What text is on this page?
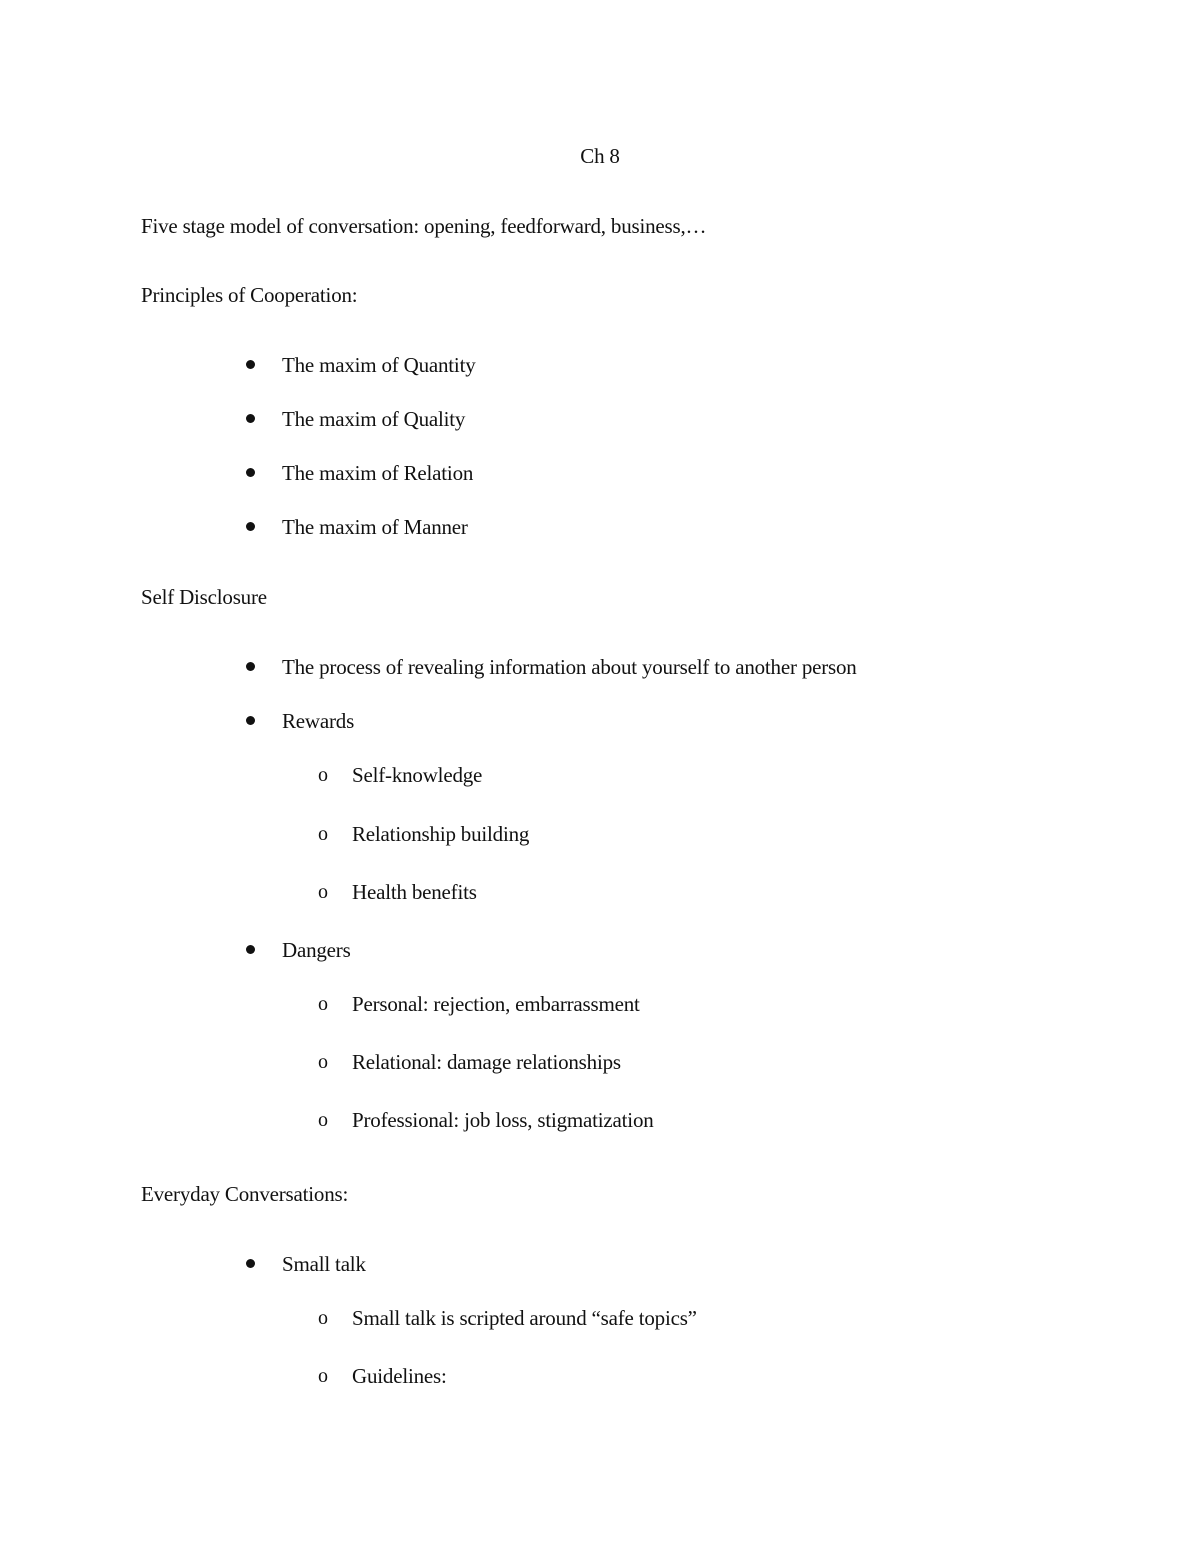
Ch 8
Five stage model of conversation: opening, feedforward, business,…
Principles of Cooperation:
The maxim of Quantity
The maxim of Quality
The maxim of Relation
The maxim of Manner
Self Disclosure
The process of revealing information about yourself to another person
Rewards
o Self-knowledge
o Relationship building
o Health benefits
Dangers
o Personal: rejection, embarrassment
o Relational: damage relationships
o Professional: job loss, stigmatization
Everyday Conversations:
Small talk
o Small talk is scripted around “safe topics”
o Guidelines:
